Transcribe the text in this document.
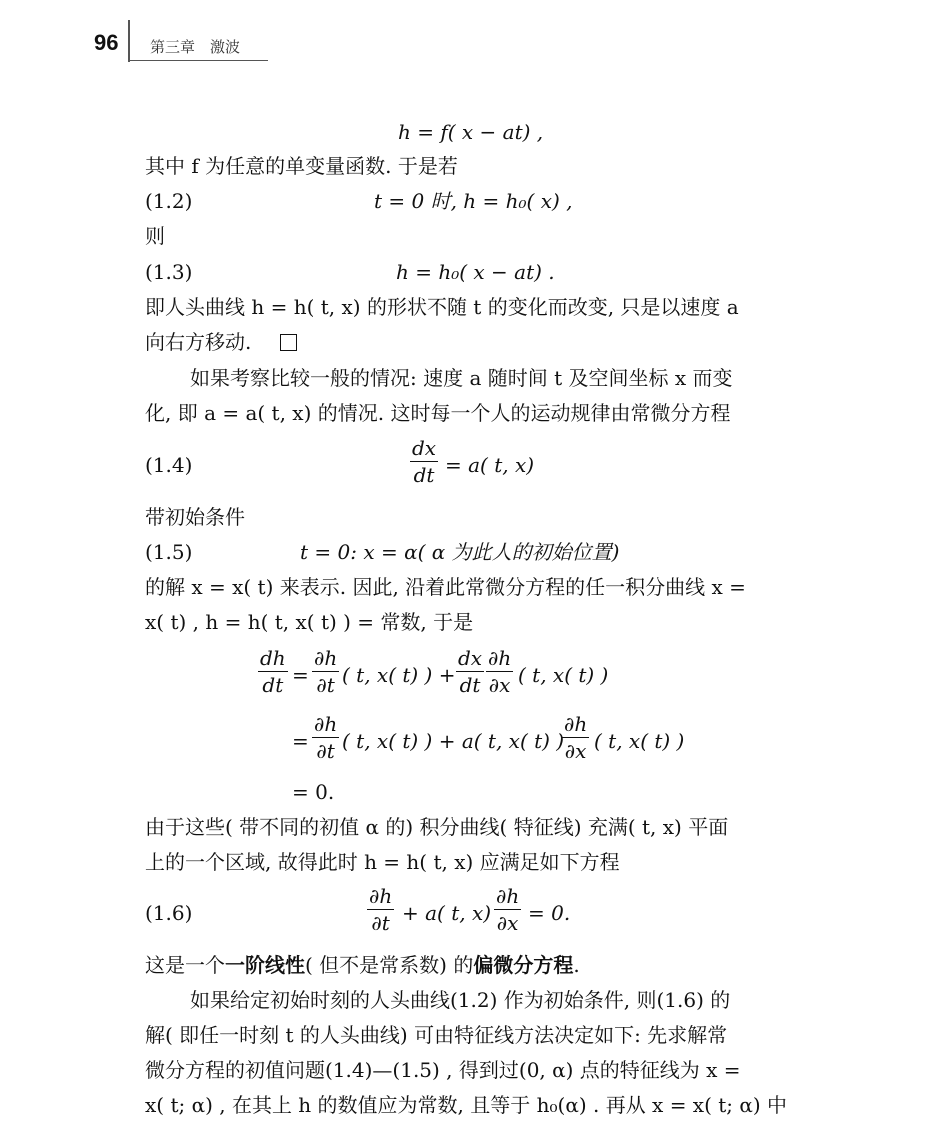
96 第三章　激波
h = f( x − at) ,
其中 f 为任意的单变量函数. 于是若
(1.2)	t = 0 时, h = h₀( x) ,
则
(1.3)	h = h₀( x − at) .
即人头曲线 h = h( t, x) 的形状不随 t 的变化而改变, 只是以速度 a
向右方移动.
如果考察比较一般的情况: 速度 a 随时间 t 及空间坐标 x 而变
化, 即 a = a( t, x) 的情况. 这时每一个人的运动规律由常微分方程
(1.4)	$\frac{dx}{dt} = a$( t, x)
带初始条件
(1.5)	t = 0: x = α( α 为此人的初始位置)
的解 x = x( t) 来表示. 因此, 沿着此常微分方程的任一积分曲线 x =
x( t) , h = h( t, x( t) ) = 常数, 于是
$\frac{dh}{dt} = \frac{\partial h}{\partial t}$ ( t, x( t) ) + $\frac{dx}{dt} \frac{\partial h}{\partial x}$ ( t, x( t) )
= $\frac{\partial h}{\partial t}$ ( t, x( t) ) + a( t, x( t) )
$\frac{\partial h}{\partial x}$ ( t, x( t) )
= 0.
由于这些( 带不同的初值 α 的) 积分曲线( 特征线) 充满( t, x) 平面
上的一个区域, 故得此时 h = h( t, x) 应满足如下方程
(1.6)	$\frac{\partial h}{\partial t} + a$( t, $x) \frac{\partial h}{\partial x} = 0$.
这是一个一阶线性( 但不是常系数) 的偏微分方程.
如果给定初始时刻的人头曲线(1.2) 作为初始条件, 则(1.6) 的
解( 即任一时刻 t 的人头曲线) 可由特征线方法决定如下: 先求解常
微分方程的初值问题(1.4)—(1.5) , 得到过(0, α) 点的特征线为 x =
x( t; α) , 在其上 h 的数值应为常数, 且等于 h₀(α) . 再从 x = x( t; α) 中
